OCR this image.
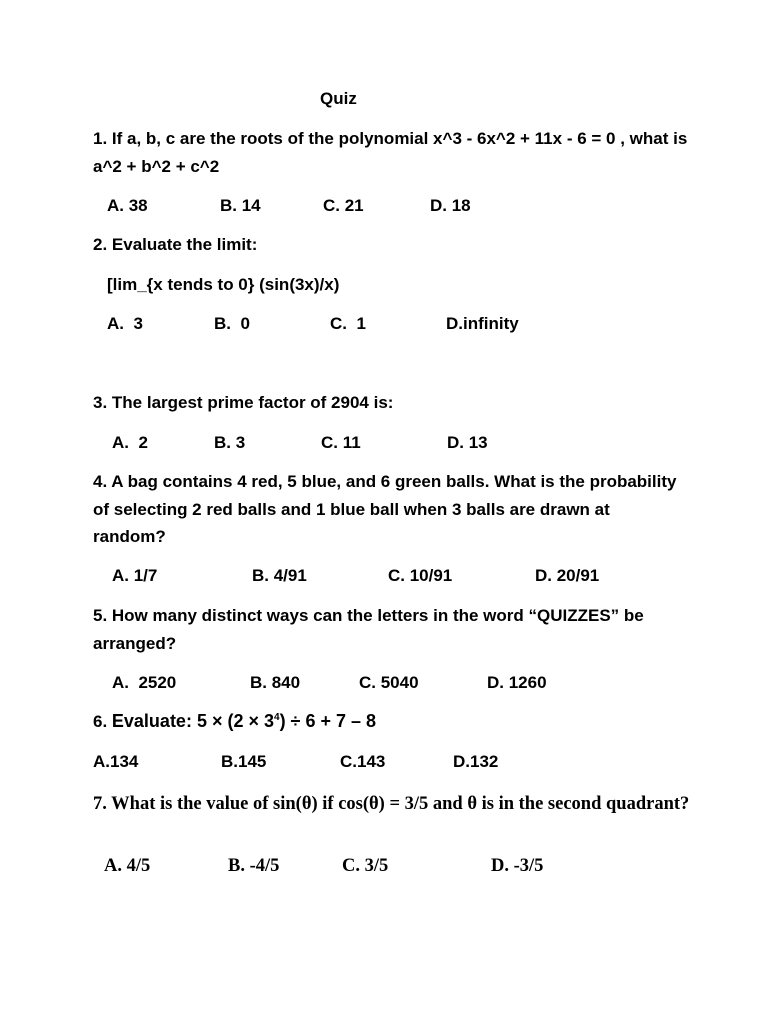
Quiz
1. If a, b, c are the roots of the polynomial x^3 - 6x^2 + 11x - 6 = 0 , what is a^2 + b^2 + c^2
A. 38	B. 14	C. 21	D. 18
2. Evaluate the limit:
[lim_{x tends to 0} (sin(3x)/x)
A.  3	B.  0	C.  1	D.infinity
3. The largest prime factor of 2904 is:
A.  2	B. 3	C. 11	D. 13
4. A bag contains 4 red, 5 blue, and 6 green balls. What is the probability of selecting 2 red balls and 1 blue ball when 3 balls are drawn at random?
A. 1/7	B. 4/91	C. 10/91	D. 20/91
5. How many distinct ways can the letters in the word “QUIZZES” be arranged?
A.  2520	B. 840	C. 5040	D. 1260
6. Evaluate: $5 \times (2 \times 3^4) \div 6 + 7 - 8$
A.134	B.145	C.143	D.132
7. What is the value of sin(θ) if cos(θ) = 3/5 and θ is in the second quadrant?
A. 4/5	B. -4/5	C. 3/5	D. -3/5
